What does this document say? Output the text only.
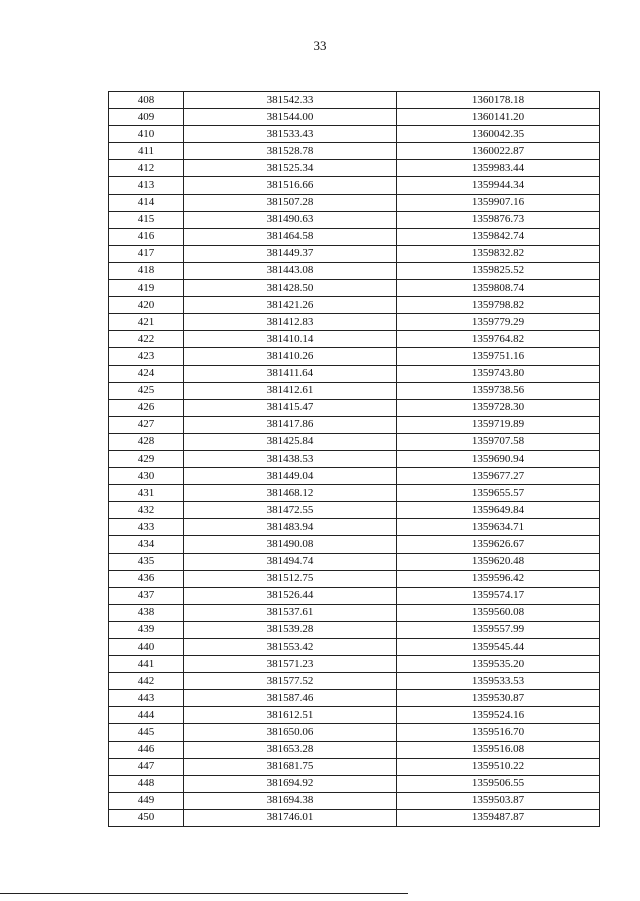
33
408	381542.33	1360178.18
409	381544.00	1360141.20
410	381533.43	1360042.35
411	381528.78	1360022.87
412	381525.34	1359983.44
413	381516.66	1359944.34
414	381507.28	1359907.16
415	381490.63	1359876.73
416	381464.58	1359842.74
417	381449.37	1359832.82
418	381443.08	1359825.52
419	381428.50	1359808.74
420	381421.26	1359798.82
421	381412.83	1359779.29
422	381410.14	1359764.82
423	381410.26	1359751.16
424	381411.64	1359743.80
425	381412.61	1359738.56
426	381415.47	1359728.30
427	381417.86	1359719.89
428	381425.84	1359707.58
429	381438.53	1359690.94
430	381449.04	1359677.27
431	381468.12	1359655.57
432	381472.55	1359649.84
433	381483.94	1359634.71
434	381490.08	1359626.67
435	381494.74	1359620.48
436	381512.75	1359596.42
437	381526.44	1359574.17
438	381537.61	1359560.08
439	381539.28	1359557.99
440	381553.42	1359545.44
441	381571.23	1359535.20
442	381577.52	1359533.53
443	381587.46	1359530.87
444	381612.51	1359524.16
445	381650.06	1359516.70
446	381653.28	1359516.08
447	381681.75	1359510.22
448	381694.92	1359506.55
449	381694.38	1359503.87
450	381746.01	1359487.87
